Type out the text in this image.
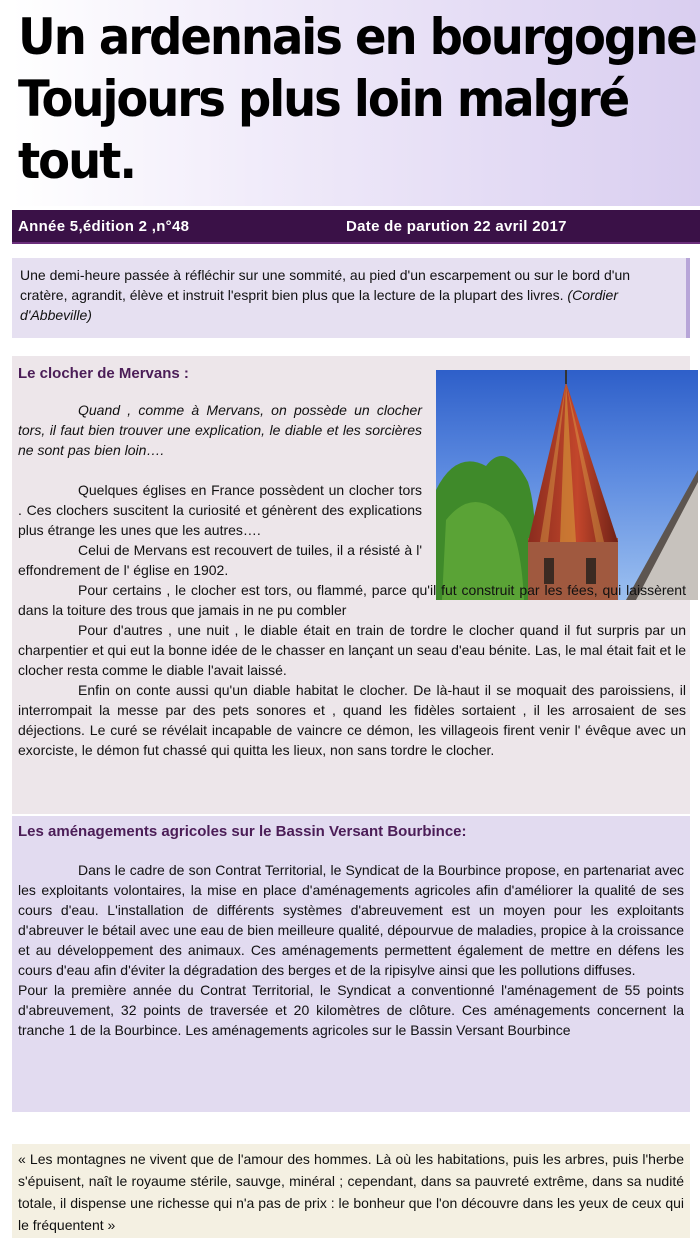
Un ardennais en bourgogne
Toujours plus loin malgré
tout.
Année 5,édition 2 ,n°48	Date de parution 22 avril 2017
Une demi-heure passée à réfléchir sur une sommité, au pied d'un escarpement ou sur le bord d'un cratère, agrandit, élève et instruit l'esprit bien plus que la lecture de la plupart des livres. (Cordier d'Abbeville)
Le clocher de Mervans :

Quand , comme à Mervans, on possède un clocher tors, il faut bien trouver une explication, le diable et les sorcières ne sont pas bien loin….

Quelques églises en France possèdent un clocher tors . Ces clochers suscitent la curiosité et génèrent des explications plus étrange les unes que les autres….

Celui de Mervans est recouvert de tuiles, il a résisté à l' effondrement de l' église en 1902.

Pour certains , le clocher est tors, ou flammé, parce qu'il fut construit par les fées, qui laissèrent dans la toiture des trous que jamais in ne pu combler

Pour d'autres , une nuit , le diable était en train de tordre le clocher quand il fut surpris par un charpentier et qui eut la bonne idée de le chasser en lançant un seau d'eau bénite. Las, le mal était fait et le clocher resta comme le diable l'avait laissé.

Enfin on conte aussi qu'un diable habitat le clocher. De là-haut il se moquait des paroissiens, il interrompait la messe par des pets sonores et , quand les fidèles sortaient , il les arrosaient de ses déjections. Le curé se révélait incapable de vaincre ce démon, les villageois firent venir l' évêque avec un exorciste, le démon fut chassé qui quitta les lieux, non sans tordre le clocher.

Les aménagements agricoles sur le Bassin Versant Bourbince:

Dans le cadre de son Contrat Territorial, le Syndicat de la Bourbince propose, en partenariat avec les exploitants volontaires, la mise en place d'aménagements agricoles afin d'améliorer la qualité de ses cours d'eau. L'installation de différents systèmes d'abreuvement est un moyen pour les exploitants d'abreuver le bétail avec une eau de bien meilleure qualité, dépourvue de maladies, propice à la croissance et au développement des animaux. Ces aménagements permettent également de mettre en défens les cours d'eau afin d'éviter la dégradation des berges et de la ripisylve ainsi que les pollutions diffuses.

Pour la première année du Contrat Territorial, le Syndicat a conventionné l'aménagement de 55 points d'abreuvement, 32 points de traversée et 20 kilomètres de clôture. Ces aménagements concernent la tranche 1 de la Bourbince. Les aménagements agricoles sur le Bassin Versant Bourbince

« Les montagnes ne vivent que de l'amour des hommes. Là où les habitations, puis les arbres, puis l'herbe s'épuisent, naît le royaume stérile, sauvge, minéral ; cependant, dans sa pauvreté extrême, dans sa nudité totale, il dispense une richesse qui n'a pas de prix : le bonheur que l'on découvre dans les yeux de ceux qui le fréquentent »
